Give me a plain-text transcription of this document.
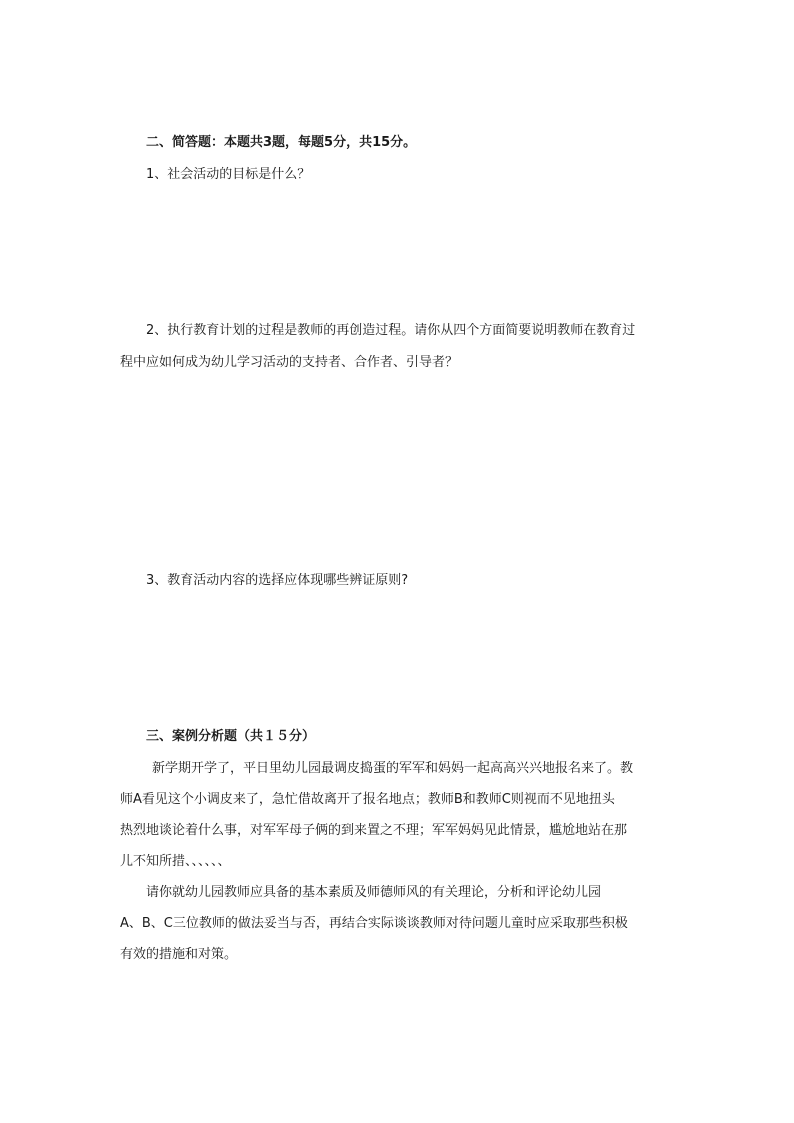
二、简答题：本题共3题，每题5分，共15分。
1、社会活动的目标是什么？
2、执行教育计划的过程是教师的再创造过程。请你从四个方面简要说明教师在教育过
程中应如何成为幼儿学习活动的支持者、合作者、引导者？
3、教育活动内容的选择应体现哪些辨证原则?
三、案例分析题（共１５分）
新学期开学了，平日里幼儿园最调皮捣蛋的军军和妈妈一起高高兴兴地报名来了。教
师A看见这个小调皮来了，急忙借故离开了报名地点；教师B和教师C则视而不见地扭头
热烈地谈论着什么事，对军军母子俩的到来置之不理；军军妈妈见此情景，尴尬地站在那
儿不知所措、、、、、、
请你就幼儿园教师应具备的基本素质及师德师风的有关理论，分析和评论幼儿园
A、B、C三位教师的做法妥当与否，再结合实际谈谈教师对待问题儿童时应采取那些积极
有效的措施和对策。
